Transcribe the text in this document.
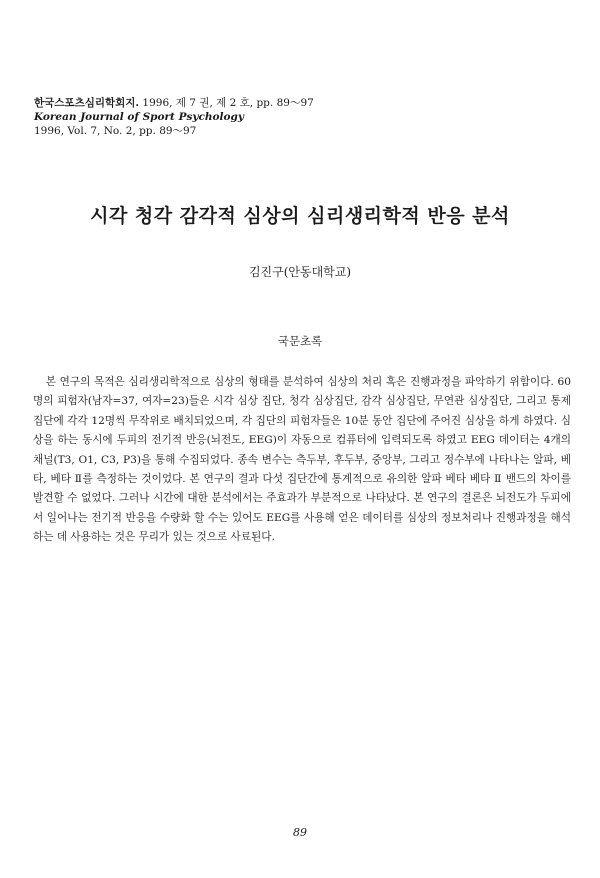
한국스포츠심리학회지. 1996, 제 7 권, 제 2 호, pp. 89～97
Korean Journal of Sport Psychology
1996, Vol. 7, No. 2, pp. 89～97
시각 청각 감각적 심상의 심리생리학적 반응 분석
김진구(안동대학교)
국문초록

본 연구의 목적은 심리생리학적으로 심상의 형태를 분석하여 심상의 처리 혹은 진행과정을 파악하기 위함이다. 60명의 피험자(남자=37, 여자=23)들은 시각 심상 집단, 청각 심상집단, 감각 심상집단, 무연관 심상집단, 그리고 통제 집단에 각각 12명씩 무작위로 배치되었으며, 각 집단의 피험자들은 10분 동안 집단에 주어진 심상을 하게 하였다. 심상을 하는 동시에 두피의 전기적 반응(뇌전도, EEG)이 자동으로 컴퓨터에 입력되도록 하였고 EEG 데이터는 4개의 채널(T3, O1, C3, P3)을 통해 수집되었다. 종속 변수는 측두부, 후두부, 중앙부, 그리고 정수부에 나타나는 알파, 베타, 베타 Ⅱ를 측정하는 것이었다. 본 연구의 결과 다섯 집단간에 통계적으로 유의한 알파 베타 베타 Ⅱ 밴드의 차이를 발견할 수 없었다. 그러나 시간에 대한 분석에서는 주효과가 부분적으로 나타났다. 본 연구의 결론은 뇌전도가 두피에서 일어나는 전기적 반응을 수량화 할 수는 있어도 EEG를 사용해 얻은 데이터를 심상의 정보처리나 진행과정을 해석하는 데 사용하는 것은 무리가 있는 것으로 사료된다.

89
